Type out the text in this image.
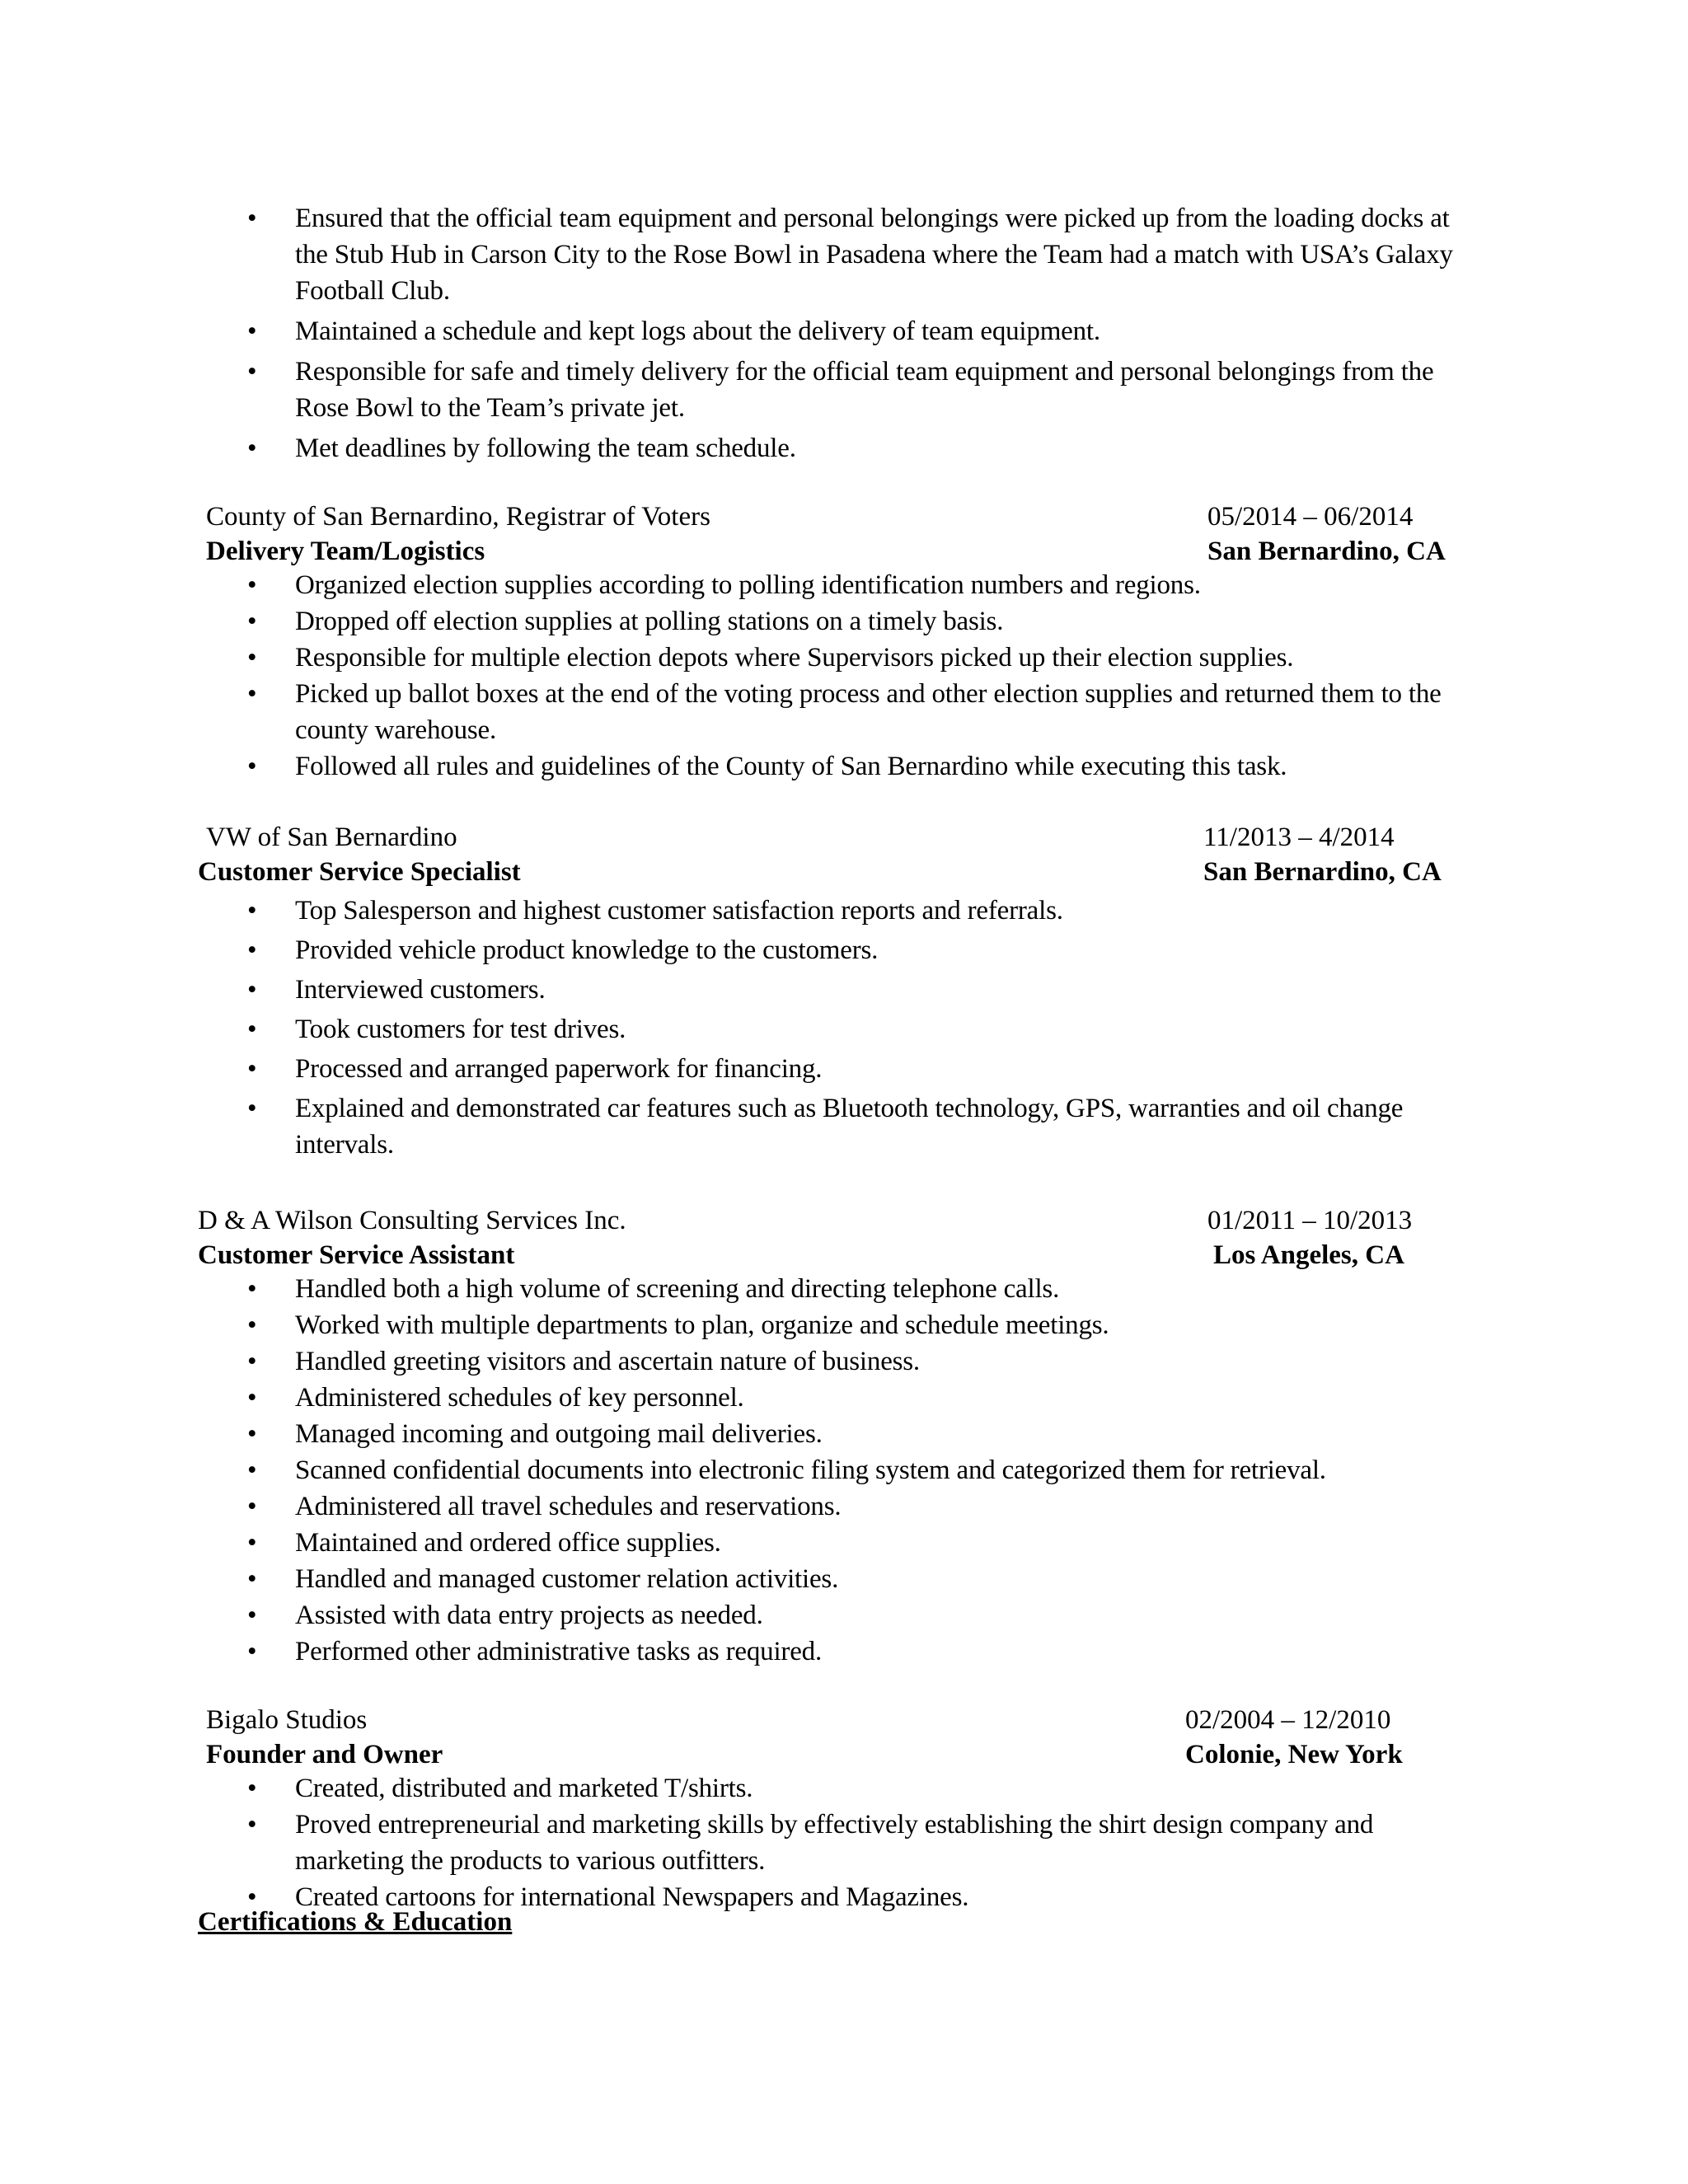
• Ensured that the official team equipment and personal belongings were picked up from the loading docks at the Stub Hub in Carson City to the Rose Bowl in Pasadena where the Team had a match with USA’s Galaxy Football Club.
• Maintained a schedule and kept logs about the delivery of team equipment.
• Responsible for safe and timely delivery for the official team equipment and personal belongings from the Rose Bowl to the Team’s private jet.
• Met deadlines by following the team schedule.
County of San Bernardino, Registrar of Voters	05/2014 – 06/2014
Delivery Team/Logistics	San Bernardino, CA
• Organized election supplies according to polling identification numbers and regions.
• Dropped off election supplies at polling stations on a timely basis.
• Responsible for multiple election depots where Supervisors picked up their election supplies.
• Picked up ballot boxes at the end of the voting process and other election supplies and returned them to the county warehouse.
• Followed all rules and guidelines of the County of San Bernardino while executing this task.
VW of San Bernardino	11/2013 – 4/2014
Customer Service Specialist	San Bernardino, CA
• Top Salesperson and highest customer satisfaction reports and referrals.
• Provided vehicle product knowledge to the customers.
• Interviewed customers.
• Took customers for test drives.
• Processed and arranged paperwork for financing.
• Explained and demonstrated car features such as Bluetooth technology, GPS, warranties and oil change intervals.
D & A Wilson Consulting Services Inc.	01/2011 – 10/2013
Customer Service Assistant	Los Angeles, CA
• Handled both a high volume of screening and directing telephone calls.
• Worked with multiple departments to plan, organize and schedule meetings.
• Handled greeting visitors and ascertain nature of business.
• Administered schedules of key personnel.
• Managed incoming and outgoing mail deliveries.
• Scanned confidential documents into electronic filing system and categorized them for retrieval.
• Administered all travel schedules and reservations.
• Maintained and ordered office supplies.
• Handled and managed customer relation activities.
• Assisted with data entry projects as needed.
• Performed other administrative tasks as required.
Bigalo Studios	02/2004 – 12/2010
Founder and Owner	Colonie, New York
• Created, distributed and marketed T/shirts.
• Proved entrepreneurial and marketing skills by effectively establishing the shirt design company and marketing the products to various outfitters.
• Created cartoons for international Newspapers and Magazines.
Certifications & Education
